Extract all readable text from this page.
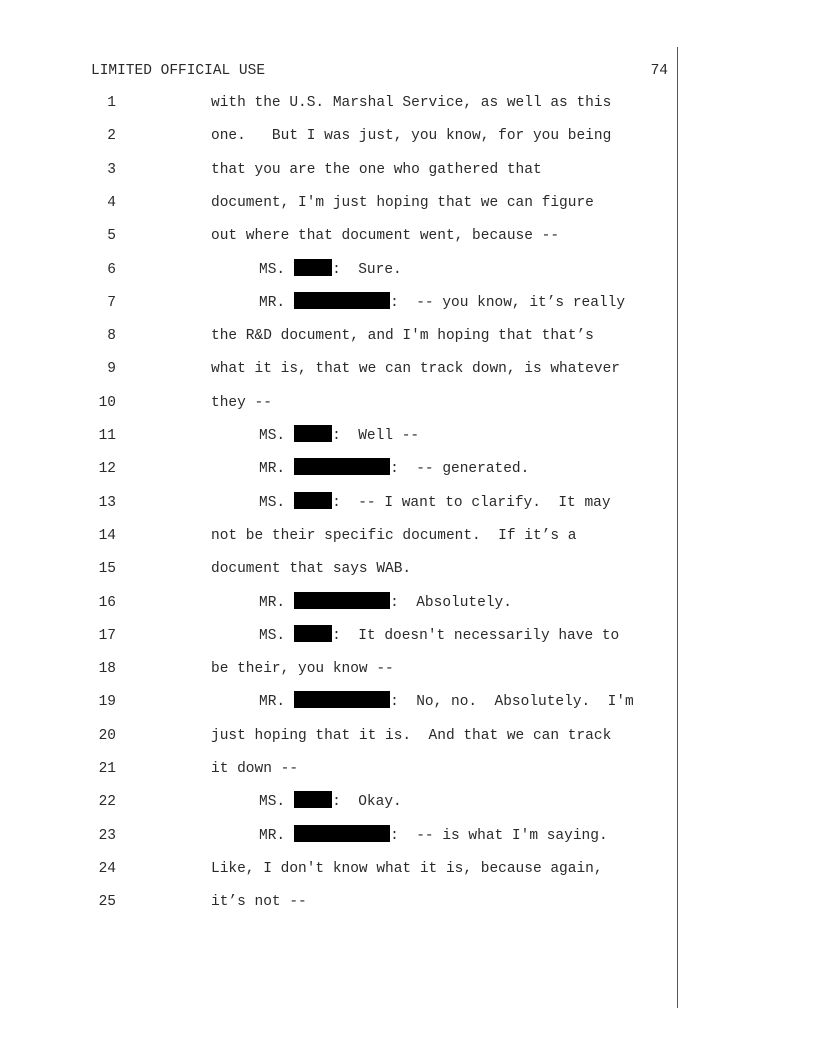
LIMITED OFFICIAL USE	74
1	with the U.S. Marshal Service, as well as this
2	one.   But I was just, you know, for you being
3	that you are the one who gathered that
4	document, I'm just hoping that we can figure
5	out where that document went, because --
6	MS.	:  Sure.
7	MR.	:  -- you know, it’s really
8	the R&D document, and I'm hoping that that’s
9	what it is, that we can track down, is whatever
10	they --
11	MS.	:  Well --
12	MR.	:  -- generated.
13	MS.	:  -- I want to clarify.  It may
14	not be their specific document.  If it’s a
15	document that says WAB.
16	MR.	:  Absolutely.
17	MS.	:  It doesn't necessarily have to
18	be their, you know --
19	MR.	:  No, no.  Absolutely.  I'm
20	just hoping that it is.  And that we can track
21	it down --
22	MS.	:  Okay.
23	MR.	:  -- is what I'm saying.
24	Like, I don't know what it is, because again,
25	it’s not --
